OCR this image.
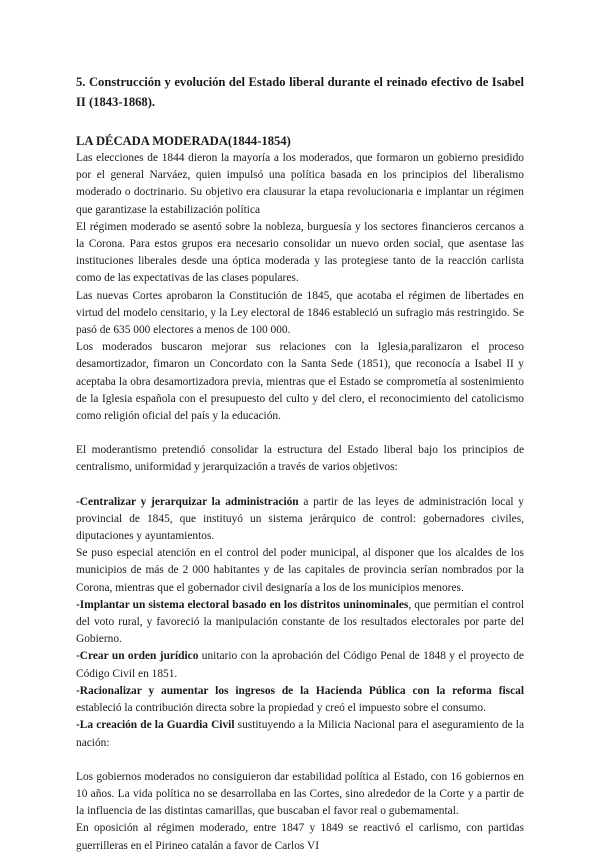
5. Construcción y evolución del Estado liberal durante el reinado efectivo de Isabel II (1843-1868).
LA DÉCADA MODERADA(1844-1854)

Las elecciones de 1844 dieron la mayoría a los moderados, que formaron un gobierno presidido por el general Narváez, quien impulsó una política basada en los principios del liberalismo moderado o doctrinario. Su objetivo era clausurar la etapa revolucionaria e implantar un régimen que garantizase la estabilización política

El régimen moderado se asentó sobre la nobleza, burguesía y los sectores financieros cercanos a la Corona. Para estos grupos era necesario consolidar un nuevo orden social, que asentase las instituciones liberales desde una óptica moderada y las protegiese tanto de la reacción carlista como de las expectativas de las clases populares.

Las nuevas Cortes aprobaron la Constitución de 1845, que acotaba el régimen de libertades en virtud del modelo censitario, y la Ley electoral de 1846 estableció un sufragio más restringido. Se pasó de 635 000 electores a menos de 100 000.

Los moderados buscaron mejorar sus relaciones con la Iglesia,paralizaron el proceso desamortizador, fimaron un Concordato con la Santa Sede (1851), que reconocía a Isabel II y aceptaba la obra desamortizadora previa, mientras que el Estado se comprometía al sostenimiento de la Iglesia española con el presupuesto del culto y del clero, el reconocimiento del catolicismo como religión oficial del país y la educación.

El moderantismo pretendió consolidar la estructura del Estado liberal bajo los principios de centralismo, uniformidad y jerarquización a través de varios objetivos:

-Centralizar y jerarquizar la administración a partir de las leyes de administración local y provincial de 1845, que instituyó un sistema jerárquico de control: gobernadores civiles, diputaciones y ayuntamientos.

Se puso especial atención en el control del poder municipal, al disponer que los alcaldes de los municipios de más de 2 000 habitantes y de las capitales de provincia serían nombrados por la Corona, mientras que el gobernador civil designaría a los de los municipios menores.

-Implantar un sistema electoral basado en los distritos uninominales, que permitían el control del voto rural, y favoreció la manipulación constante de los resultados electorales por parte del Gobierno.

-Crear un orden jurídico unitario con la aprobación del Código Penal de 1848 y el proyecto de Código Civil en 1851.

-Racionalizar y aumentar los ingresos de la Hacienda Pública con la reforma fiscal estableció la contribución directa sobre la propiedad y creó el impuesto sobre el consumo.

-La creación de la Guardia Civil sustituyendo a la Milicia Nacional para el aseguramiento de la nación:

Los gobiernos moderados no consiguieron dar estabilidad política al Estado, con 16 gobiernos en 10 años. La vida política no se desarrollaba en las Cortes, sino alrededor de la Corte y a partir de la influencia de las distintas camarillas, que buscaban el favor real o gubemamental.

En oposición al régimen moderado, entre 1847 y 1849 se reactivó el carlismo, con partidas guerrilleras en el Pirineo catalán a favor de Carlos VI
